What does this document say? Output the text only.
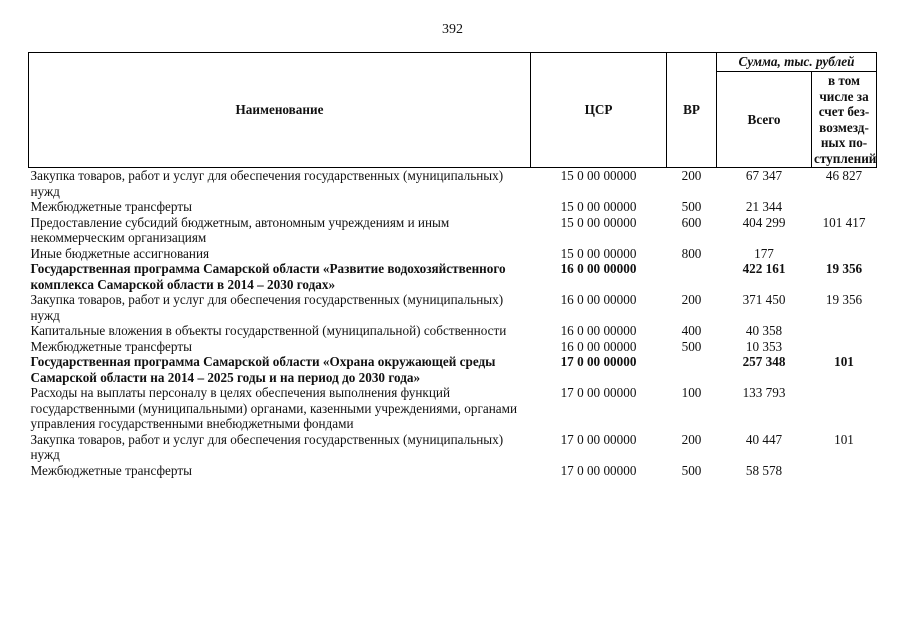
392
Наименование	ЦСР	ВР	Сумма, тыс. рублей	
			Всего	в том числе за счет без-возмезд-ных по-ступлений
Закупка товаров, работ и услуг для обеспечения государственных (муниципальных) нужд	15 0 00 00000	200	67 347	46 827
Межбюджетные трансферты	15 0 00 00000	500	21 344	
Предоставление субсидий бюджетным, автономным учреждениям и иным некоммерческим организациям	15 0 00 00000	600	404 299	101 417
Иные бюджетные ассигнования	15 0 00 00000	800	177	
Государственная программа Самарской области «Развитие водохозяйственного комплекса Самарской области в 2014 – 2030 годах»	16 0 00 00000		422 161	19 356
Закупка товаров, работ и услуг для обеспечения государственных (муниципальных) нужд	16 0 00 00000	200	371 450	19 356
Капитальные вложения в объекты государственной (муниципальной) собственности	16 0 00 00000	400	40 358	
Межбюджетные трансферты	16 0 00 00000	500	10 353	
Государственная программа Самарской области «Охрана окружающей среды Самарской области на 2014 – 2025 годы и на период до 2030 года»	17 0 00 00000		257 348	101
Расходы на выплаты персоналу в целях обеспечения выполнения функций государственными (муниципальными) органами, казенными учреждениями, органами управления государственными внебюджетными фондами	17 0 00 00000	100	133 793	
Закупка товаров, работ и услуг для обеспечения государственных (муниципальных) нужд	17 0 00 00000	200	40 447	101
Межбюджетные трансферты	17 0 00 00000	500	58 578	
